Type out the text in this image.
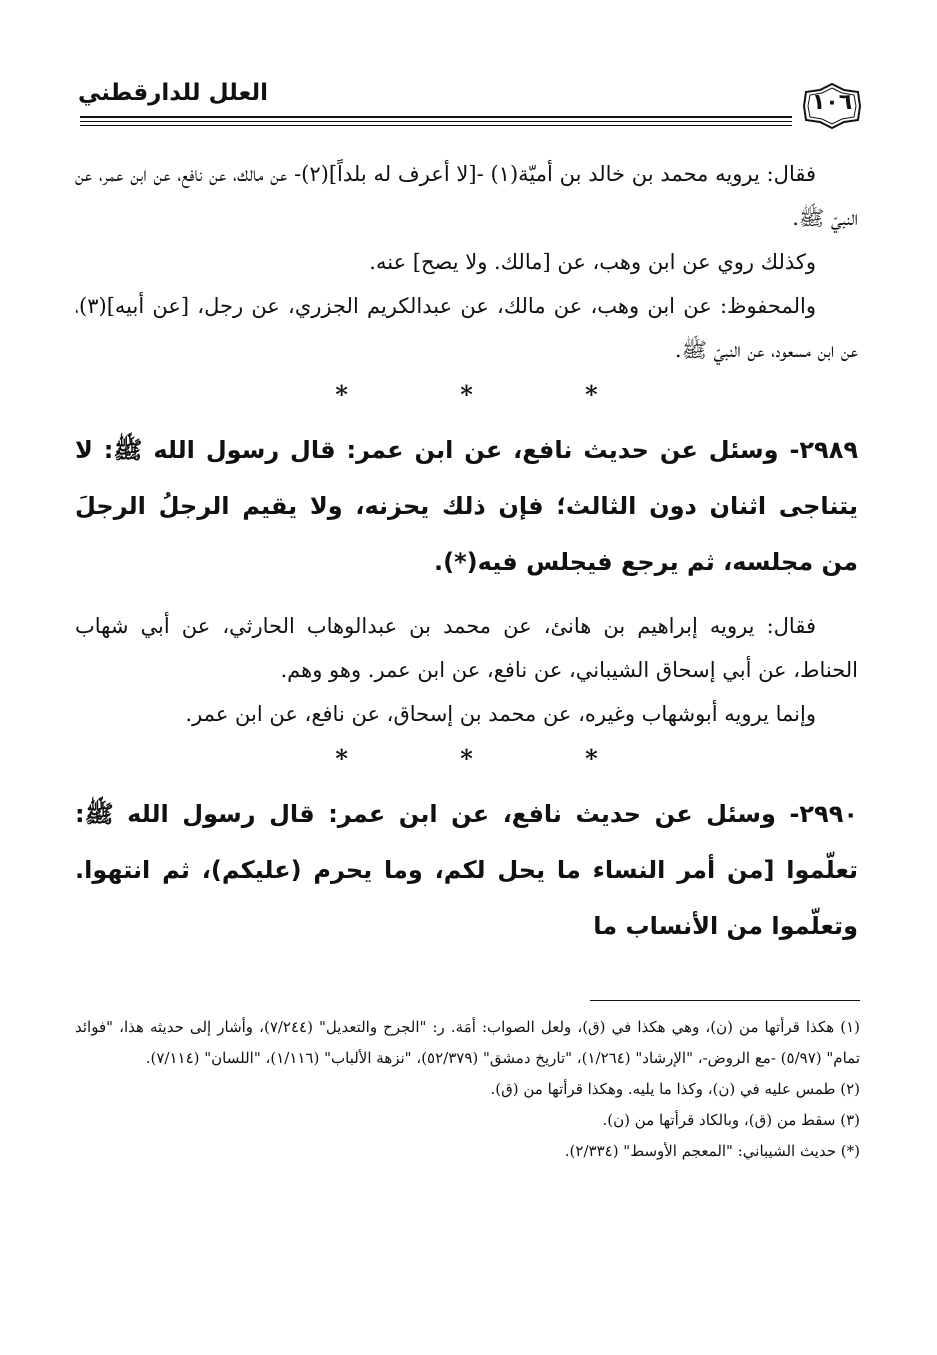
العلل للدارقطني	١٠٦

فقال: يرويه محمد بن خالد بن أميّة(١) -[لا أعرف له بلداً](٢)- عن مالك، عن نافع، عن ابن عمر، عن النبيّ ﷺ.

وكذلك روي عن ابن وهب، عن [مالك. ولا يصح] عنه.

والمحفوظ: عن ابن وهب، عن مالك، عن عبدالكريم الجزري، عن رجل، [عن أبيه](٣)، عن ابن مسعود، عن النبيّ ﷺ.

* * *

٢٩٨٩- وسئل عن حديث نافع، عن ابن عمر: قال رسول الله ﷺ: لا يتناجى اثنان دون الثالث؛ فإن ذلك يحزنه، ولا يقيم الرجلُ الرجلَ من مجلسه، ثم يرجع فيجلس فيه(*).

فقال: يرويه إبراهيم بن هانئ، عن محمد بن عبدالوهاب الحارثي، عن أبي شهاب الحناط، عن أبي إسحاق الشيباني، عن نافع، عن ابن عمر. وهو وهم.

وإنما يرويه أبوشهاب وغيره، عن محمد بن إسحاق، عن نافع، عن ابن عمر.

* * *

٢٩٩٠- وسئل عن حديث نافع، عن ابن عمر: قال رسول الله ﷺ: تعلّموا [من أمر النساء ما يحل لكم، وما يحرم (عليكم)، ثم انتهوا. وتعلّموا من الأنساب ما

(١) هكذا قرأتها من (ن)، وهي هكذا في (ق)، ولعل الصواب: أمَة. ر: "الجرح والتعديل" (٧/٢٤٤)، وأشار إلى حديثه هذا، "فوائد تمام" (٥/٩٧) -مع الروض-، "الإرشاد" (١/٢٦٤)، "تاريخ دمشق" (٥٢/٣٧٩)، "نزهة الألباب" (١/١١٦)، "اللسان" (٧/١١٤).

(٢) طمس عليه في (ن)، وكذا ما يليه. وهكذا قرأتها من (ق).

(٣) سقط من (ق)، وبالكاد قرأتها من (ن).

(*) حديث الشيباني: "المعجم الأوسط" (٢/٣٣٤).
